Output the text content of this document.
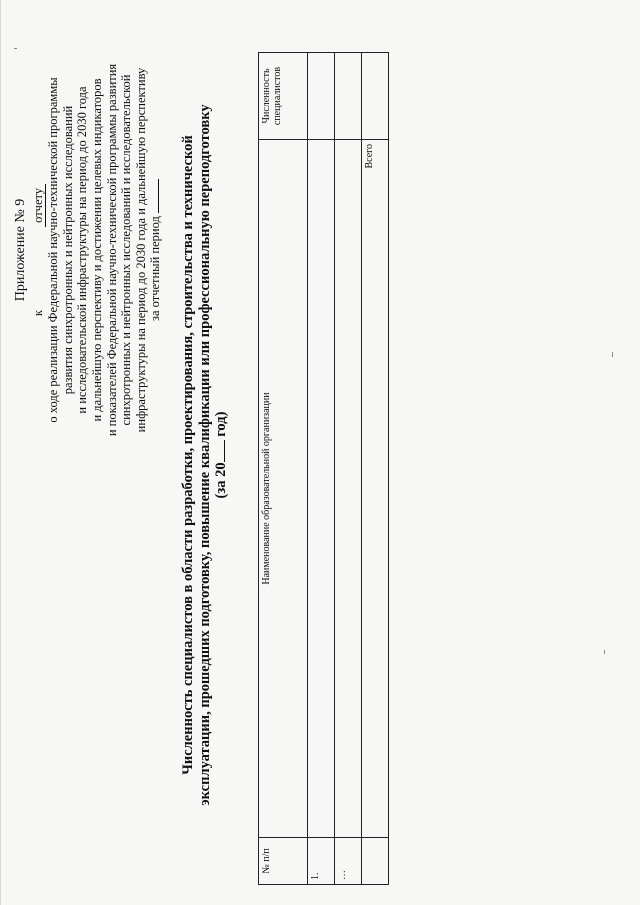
Приложение № 9
к отчету о ходе реализации Федеральной научно-технической программы развития синхротронных и нейтронных исследований и исследовательской инфраструктуры на период до 2030 года и дальнейшую перспективу и достижении целевых индикаторов и показателей Федеральной научно-технической программы развития синхротронных и нейтронных исследований и исследовательской инфраструктуры на период до 2030 года и дальнейшую перспективу за отчетный период Численность специалистов в области разработки, проектирования, строительства и технической эксплуатации, прошедших подготовку, повышение квалификации или профессиональную переподготовку (за 20 год)
№ п/п	Наименование образовательной организации	Численность специалистов
1.		
…		
	Всего	
